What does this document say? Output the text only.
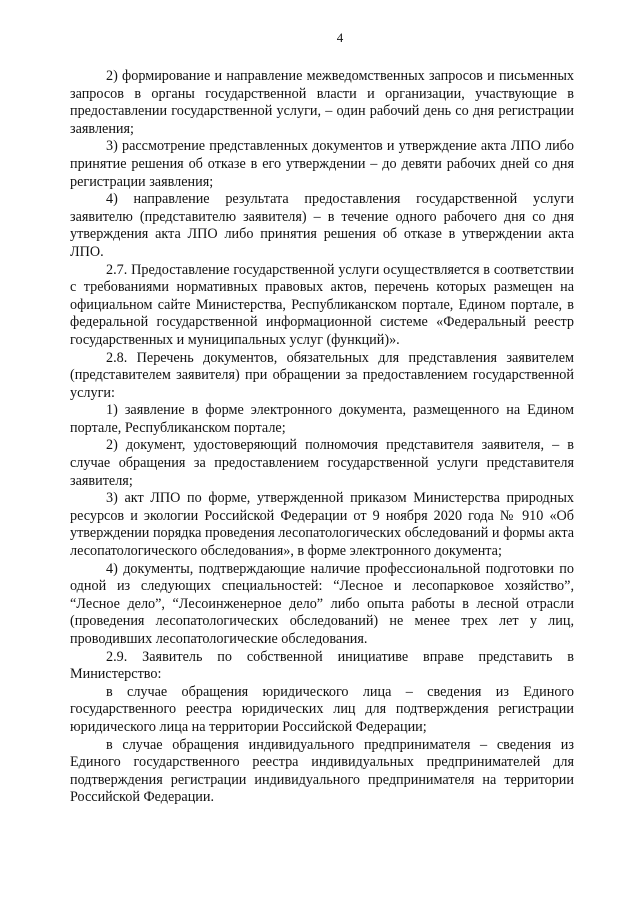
4

2) формирование и направление межведомственных запросов и письменных запросов в органы государственной власти и организации, участвующие в предоставлении государственной услуги, – один рабочий день со дня регистрации заявления;

3) рассмотрение представленных документов и утверждение акта ЛПО либо принятие решения об отказе в его утверждении – до девяти рабочих дней со дня регистрации заявления;

4) направление результата предоставления государственной услуги заявителю (представителю заявителя) – в течение одного рабочего дня со дня утверждения акта ЛПО либо принятия решения об отказе в утверждении акта ЛПО.

2.7. Предоставление государственной услуги осуществляется в соответствии с требованиями нормативных правовых актов, перечень которых размещен на официальном сайте Министерства, Республиканском портале, Едином портале, в федеральной государственной информационной системе «Федеральный реестр государственных и муниципальных услуг (функций)».

2.8. Перечень документов, обязательных для представления заявителем (представителем заявителя) при обращении за предоставлением государственной услуги:

1) заявление в форме электронного документа, размещенного на Едином портале, Республиканском портале;

2) документ, удостоверяющий полномочия представителя заявителя, – в случае обращения за предоставлением государственной услуги представителя заявителя;

3) акт ЛПО по форме, утвержденной приказом Министерства природных ресурсов и экологии Российской Федерации от 9 ноября 2020 года № 910 «Об утверждении порядка проведения лесопатологических обследований и формы акта лесопатологического обследования», в форме электронного документа;

4) документы, подтверждающие наличие профессиональной подготовки по одной из следующих специальностей: “Лесное и лесопарковое хозяйство”, “Лесное дело”, “Лесоинженерное дело” либо опыта работы в лесной отрасли (проведения лесопатологических обследований) не менее трех лет у лиц, проводивших лесопатологические обследования.

2.9. Заявитель по собственной инициативе вправе представить в Министерство:

в случае обращения юридического лица – сведения из Единого государственного реестра юридических лиц для подтверждения регистрации юридического лица на территории Российской Федерации;

в случае обращения индивидуального предпринимателя – сведения из Единого государственного реестра индивидуальных предпринимателей для подтверждения регистрации индивидуального предпринимателя на территории Российской Федерации.
